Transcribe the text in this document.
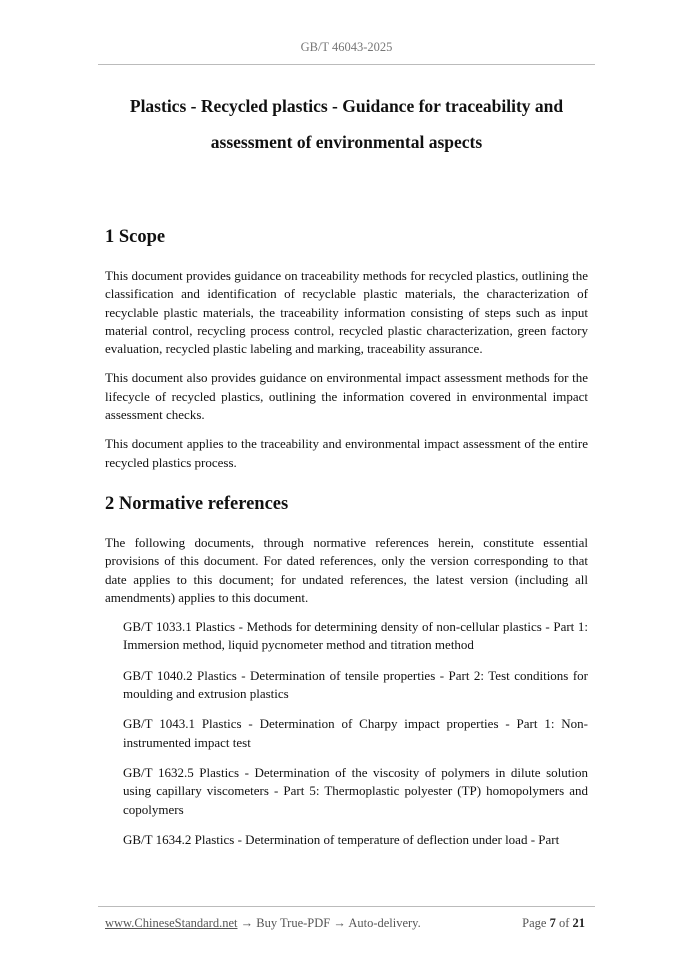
GB/T 46043-2025
Plastics - Recycled plastics - Guidance for traceability and
assessment of environmental aspects
1 Scope

This document provides guidance on traceability methods for recycled plastics, outlining the classification and identification of recyclable plastic materials, the characterization of recyclable plastic materials, the traceability information consisting of steps such as input material control, recycling process control, recycled plastic characterization, green factory evaluation, recycled plastic labeling and marking, traceability assurance.

This document also provides guidance on environmental impact assessment methods for the lifecycle of recycled plastics, outlining the information covered in environmental impact assessment checks.

This document applies to the traceability and environmental impact assessment of the entire recycled plastics process.

2 Normative references

The following documents, through normative references herein, constitute essential provisions of this document. For dated references, only the version corresponding to that date applies to this document; for undated references, the latest version (including all amendments) applies to this document.

GB/T 1033.1 Plastics - Methods for determining density of non-cellular plastics - Part 1: Immersion method, liquid pycnometer method and titration method

GB/T 1040.2 Plastics - Determination of tensile properties - Part 2: Test conditions for moulding and extrusion plastics

GB/T 1043.1 Plastics - Determination of Charpy impact properties - Part 1: Non-instrumented impact test

GB/T 1632.5 Plastics - Determination of the viscosity of polymers in dilute solution using capillary viscometers - Part 5: Thermoplastic polyester (TP) homopolymers and copolymers

GB/T 1634.2 Plastics - Determination of temperature of deflection under load - Part

www.ChineseStandard.net → Buy True-PDF → Auto-delivery.	Page 7 of 21
